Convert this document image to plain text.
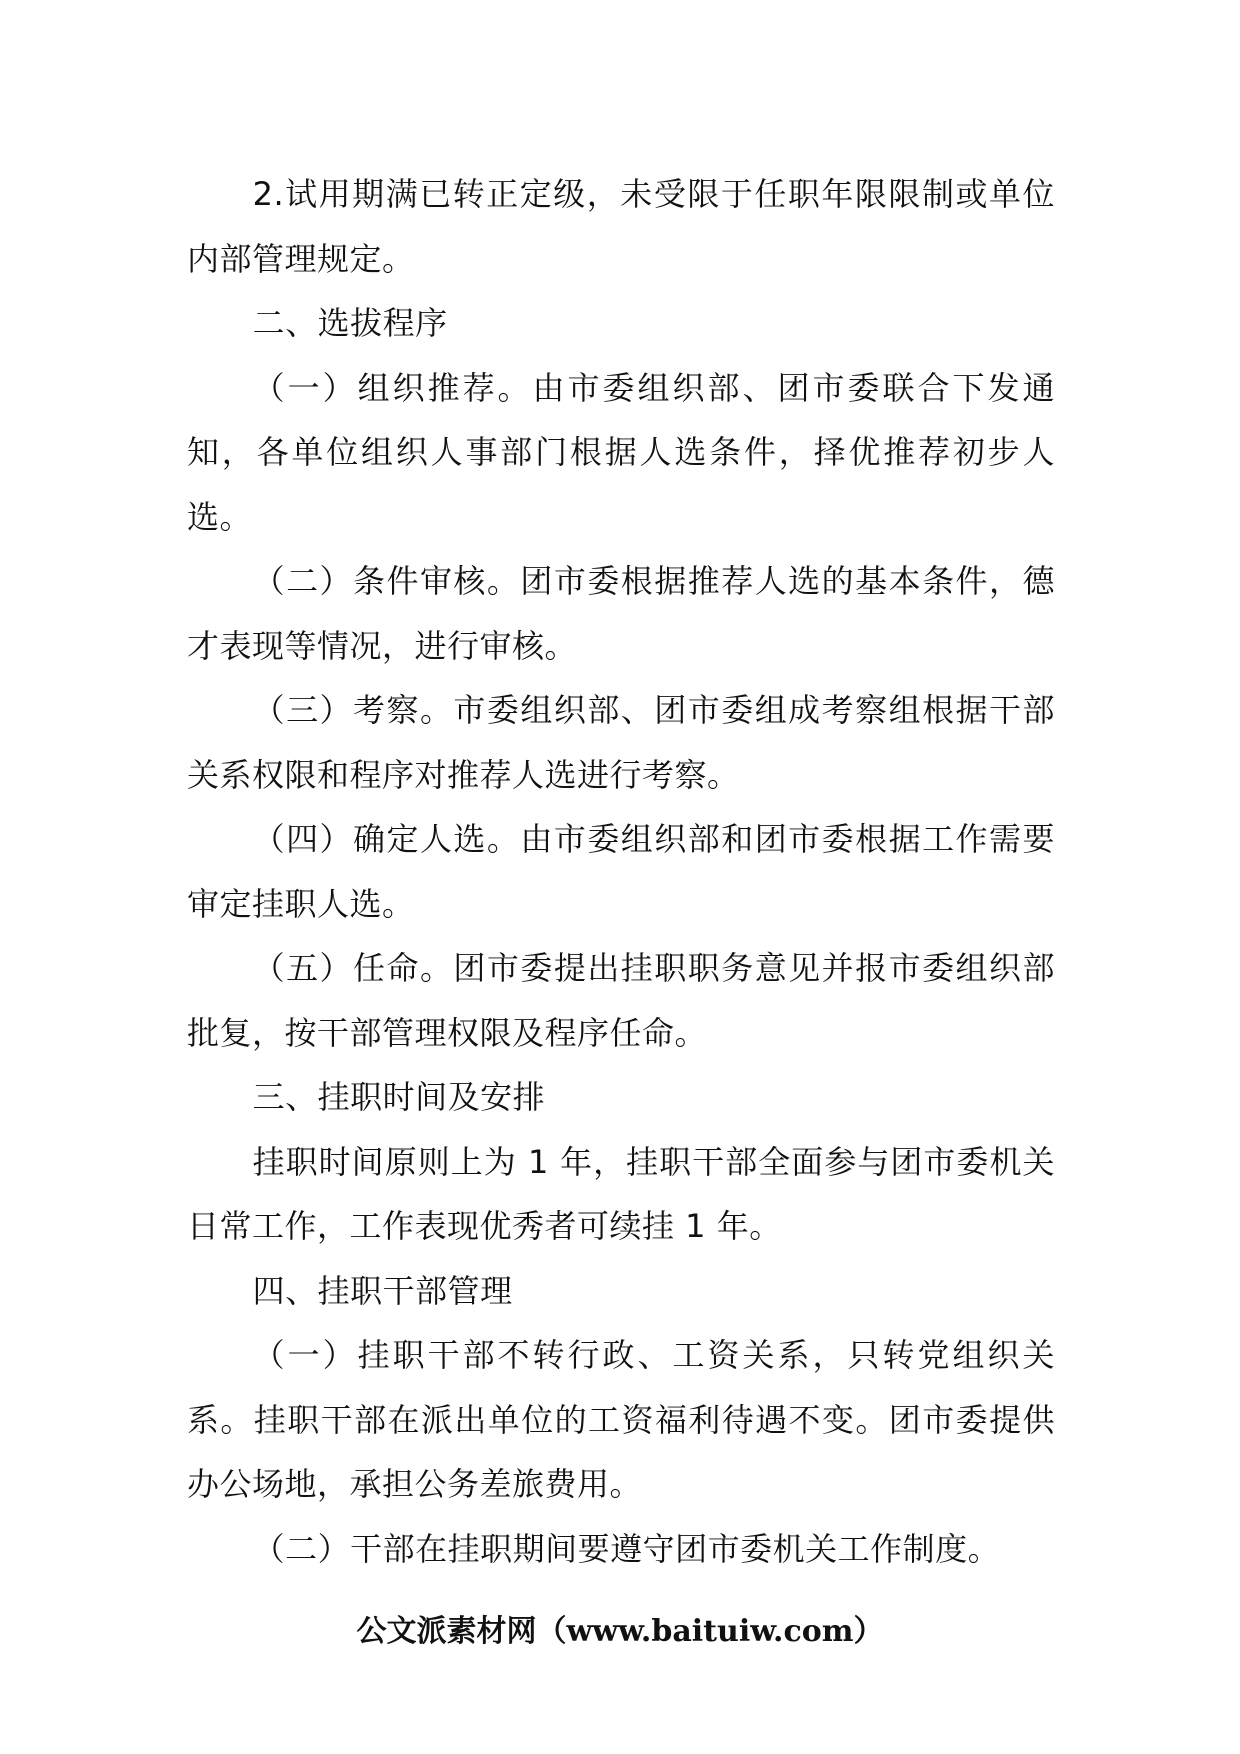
2.试用期满已转正定级，未受限于任职年限限制或单位内部管理规定。

二、选拔程序

（一）组织推荐。由市委组织部、团市委联合下发通知，各单位组织人事部门根据人选条件，择优推荐初步人选。

（二）条件审核。团市委根据推荐人选的基本条件，德才表现等情况，进行审核。

（三）考察。市委组织部、团市委组成考察组根据干部关系权限和程序对推荐人选进行考察。

（四）确定人选。由市委组织部和团市委根据工作需要审定挂职人选。

（五）任命。团市委提出挂职职务意见并报市委组织部批复，按干部管理权限及程序任命。

三、挂职时间及安排

挂职时间原则上为 1 年，挂职干部全面参与团市委机关日常工作，工作表现优秀者可续挂 1 年。

四、挂职干部管理

（一）挂职干部不转行政、工资关系，只转党组织关系。挂职干部在派出单位的工资福利待遇不变。团市委提供办公场地，承担公务差旅费用。

（二）干部在挂职期间要遵守团市委机关工作制度。

公文派素材网（www.baituiw.com）
